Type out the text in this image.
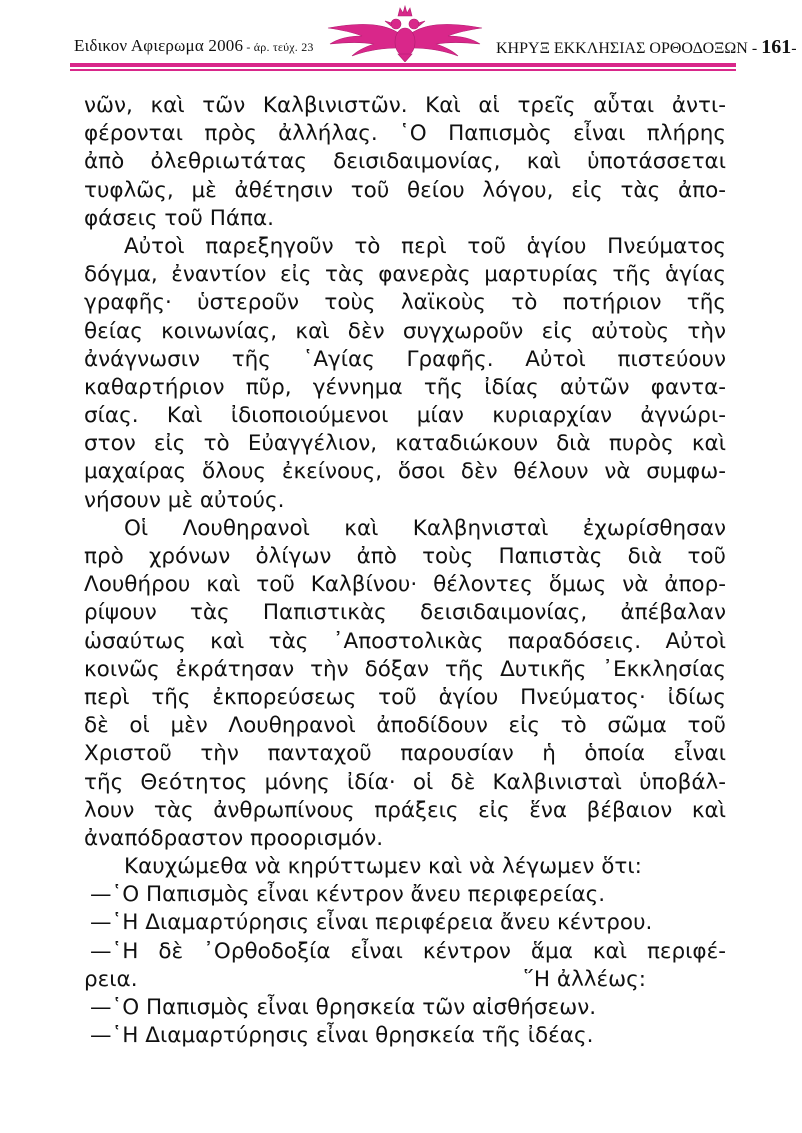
Ειδικον Αφιερωμα 2006 - άρ. τεύχ. 23	ΚΗΡΥΞ ΕΚΚΛΗΣΙΑΣ ΟΡΘΟΔΟΞΩΝ - 161-
νῶν, καὶ τῶν Καλβινιστῶν. Καὶ αἱ τρεῖς αὗται ἀντι-
φέρονται πρὸς ἀλλήλας. ῾Ο Παπισμὸς εἶναι πλήρης
ἀπὸ ὀλεθριωτάτας δεισιδαιμονίας, καὶ ὑποτάσσεται
τυφλῶς, μὲ ἀθέτησιν τοῦ θείου λόγου, εἰς τὰς ἀπο-
φάσεις τοῦ Πάπα.
Αὐτοὶ παρεξηγοῦν τὸ περὶ τοῦ ἁγίου Πνεύματος
δόγμα, ἐναντίον εἰς τὰς φανερὰς μαρτυρίας τῆς ἁγίας
γραφῆς· ὑστεροῦν τοὺς λαϊκοὺς τὸ ποτήριον τῆς
θείας κοινωνίας, καὶ δὲν συγχωροῦν εἰς αὐτοὺς τὴν
ἀνάγνωσιν τῆς ῾Αγίας Γραφῆς. Αὐτοὶ πιστεύουν
καθαρτήριον πῦρ, γέννημα τῆς ἰδίας αὐτῶν φαντα-
σίας. Καὶ ἰδιοποιούμενοι μίαν κυριαρχίαν ἀγνώρι-
στον εἰς τὸ Εὐαγγέλιον, καταδιώκουν διὰ πυρὸς καὶ
μαχαίρας ὅλους ἐκείνους, ὅσοι δὲν θέλουν νὰ συμφω-
νήσουν μὲ αὐτούς.
Οἱ Λουθηρανοὶ καὶ Καλβηνισταὶ ἐχωρίσθησαν
πρὸ χρόνων ὀλίγων ἀπὸ τοὺς Παπιστὰς διὰ τοῦ
Λουθήρου καὶ τοῦ Καλβίνου· θέλοντες ὅμως νὰ ἀπορ-
ρίψουν τὰς Παπιστικὰς δεισιδαιμονίας, ἀπέβαλαν
ὡσαύτως καὶ τὰς ᾿Αποστολικὰς παραδόσεις. Αὐτοὶ
κοινῶς ἐκράτησαν τὴν δόξαν τῆς Δυτικῆς ᾿Εκκλησίας
περὶ τῆς ἐκπορεύσεως τοῦ ἁγίου Πνεύματος· ἰδίως
δὲ οἱ μὲν Λουθηρανοὶ ἀποδίδουν εἰς τὸ σῶμα τοῦ
Χριστοῦ τὴν πανταχοῦ παρουσίαν ἡ ὁποία εἶναι
τῆς Θεότητος μόνης ἰδία· οἱ δὲ Καλβινισταὶ ὑποβάλ-
λουν τὰς ἀνθρωπίνους πράξεις εἰς ἕνα βέβαιον καὶ
ἀναπόδραστον προορισμόν.
Καυχώμεθα νὰ κηρύττωμεν καὶ νὰ λέγωμεν ὅτι:
—῾Ο Παπισμὸς εἶναι κέντρον ἄνευ περιφερείας.
—῾Η Διαμαρτύρησις εἶναι περιφέρεια ἄνευ κέντρου.
—῾Η δὲ ᾿Ορθοδοξία εἶναι κέντρον ἅμα καὶ περιφέ-
ρεια.	῞Η ἀλλέως:
—῾Ο Παπισμὸς εἶναι θρησκεία τῶν αἰσθήσεων.
—῾Η Διαμαρτύρησις εἶναι θρησκεία τῆς ἰδέας.
